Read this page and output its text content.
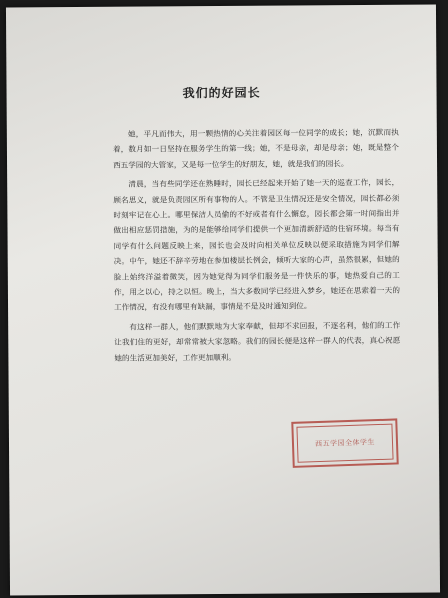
我们的好园长

她，平凡而伟大，用一颗热情的心关注着园区每一位同学的成长；她，沉默而执着，数月如一日坚持在服务学生的第一线；她，不是母亲，却是母亲；她，既是整个西五学园的大管家，又是每一位学生的好朋友，她，就是我们的园长。

清晨，当有些同学还在熟睡时，园长已经起来开始了她一天的巡查工作，园长，顾名思义，就是负责园区所有事物的人。不管是卫生情况还是安全情况，园长都必须时刻牢记在心上。哪里保洁人员偷的不好或者有什么懈怠，园长都会第一时间指出并做出相应惩罚措施，为的是能够给同学们提供一个更加清新舒适的住宿环境。每当有同学有什么问题反映上来，园长也会及时向相关单位反映以便采取措施为同学们解决。中午，她还不辞辛劳地在参加楼层长例会，倾听大家的心声，虽然很累，但她的脸上始终洋溢着微笑，因为她觉得为同学们服务是一件快乐的事，她热爱自己的工作，用之以心，持之以恒。晚上，当大多数同学已经进入梦乡，她还在思索着一天的工作情况，有没有哪里有缺漏，事情是不是及时通知到位。

有这样一群人，他们默默地为大家奉献，但却不求回报，不逐名利，他们的工作让我们住的更好，却常常被大家忽略。我们的园长便是这样一群人的代表，真心祝愿她的生活更加美好，工作更加顺利。

西五学园全体学生
